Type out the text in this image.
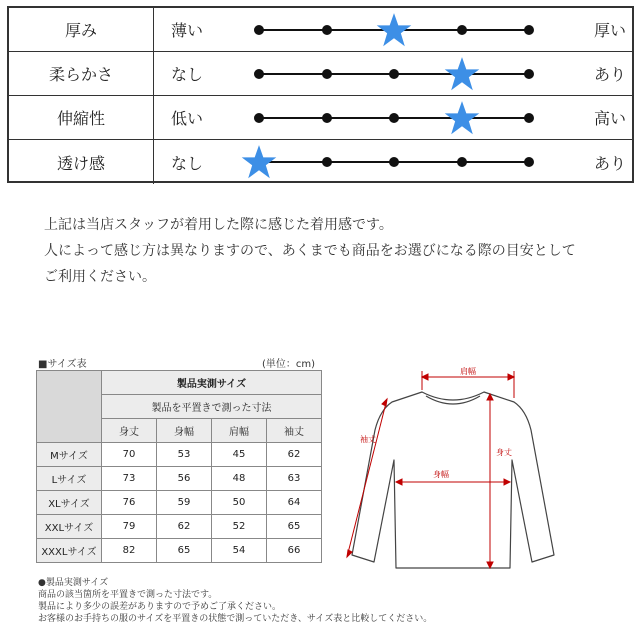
厚み	薄い	厚い
柔らかさ	なし	あり
伸縮性	低い	高い
透け感	なし	あり
上記は当店スタッフが着用した際に感じた着用感です。
人によって感じ方は異なりますので、あくまでも商品をお選びになる際の目安として
ご利用ください。
■サイズ表	(単位：cm)
	製品実測サイズ			
	製品を平置きで測った寸法			
	身丈	身幅	肩幅	袖丈
Mサイズ	70	53	45	62
Lサイズ	73	56	48	63
XLサイズ	76	59	50	64
XXLサイズ	79	62	52	65
XXXLサイズ	82	65	54	66
●製品実測サイズ
商品の該当箇所を平置きで測った寸法です。
製品により多少の誤差がありますので予めご了承ください。
お客様のお手持ちの服のサイズを平置きの状態で測っていただき、サイズ表と比較してください。
肩幅
袖丈
身丈
身幅
